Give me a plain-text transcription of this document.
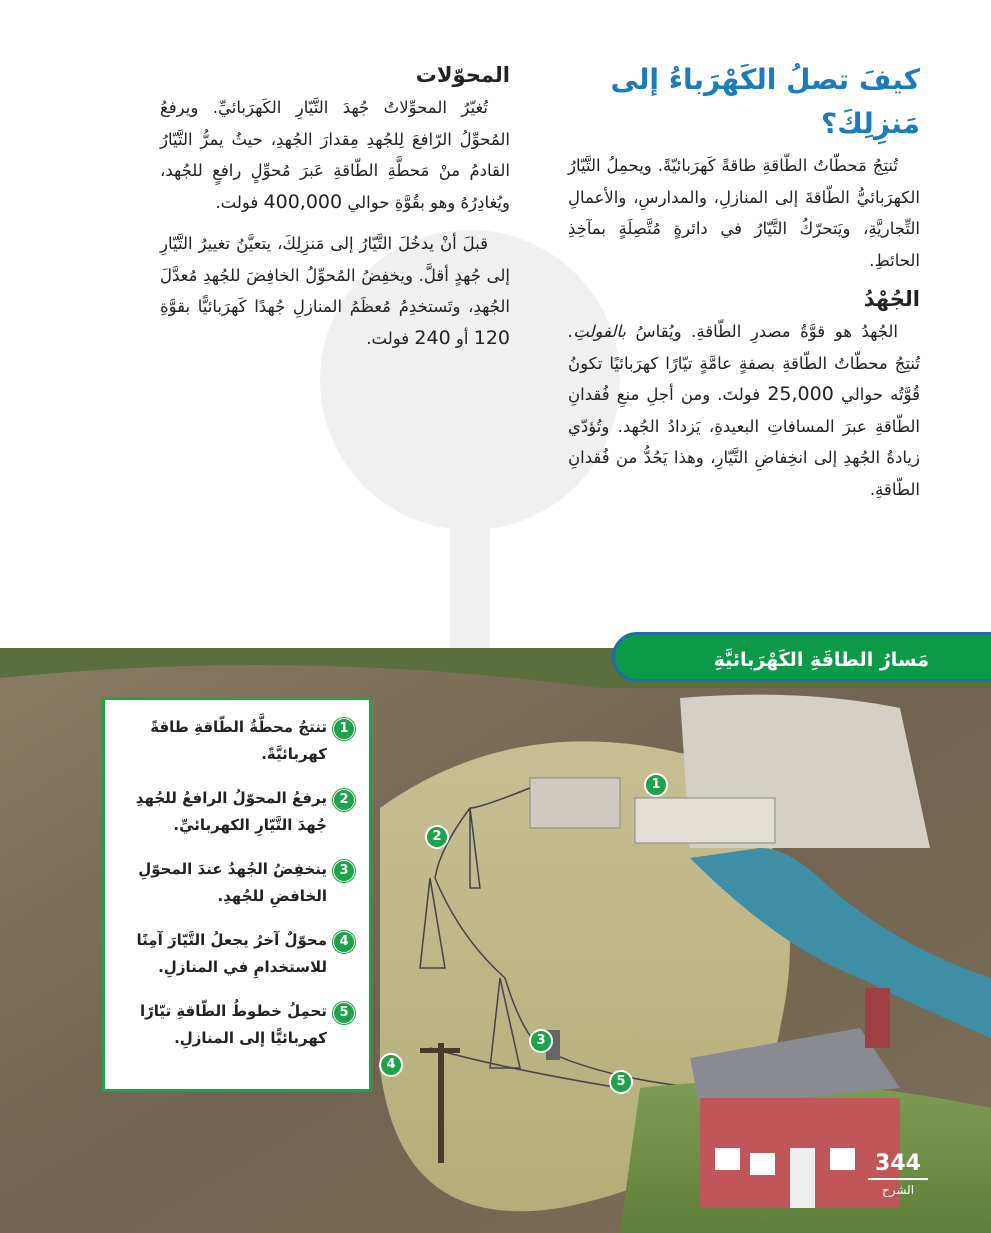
كيفَ تصلُ الكَهْرَباءُ إلى مَنزِلِكَ؟

تُنتِجُ مَحطّاتُ الطّاقةِ طاقةً كَهرَبائيّةً. ويحمِلُ التَّيّارُ الكهرَبائيُّ الطّاقةَ إلى المنازلِ، والمدارسِ، والأعمالِ التِّجاريَّةِ، ويَتحرّكُ التَّيّارُ في دائرةٍ مُتَّصِلَةٍ بمآخِذِ الحائطِ.

الجُهْدُ

الجُهدُ هو قوَّةُ مصدرِ الطّاقةِ. ويُقاسُ بالفولتِ. تُنتِجُ محطّاتُ الطّاقةِ بصفةٍ عامَّةٍ تيّارًا كهرَبائيًا تكونُ قُوَّتُه حوالي 25,000 فولتَ. ومن أجلِ منعِ فُقدانِ الطّاقةِ عبرَ المسافاتِ البعيدةِ، يَزدادُ الجُهد. وتُؤدّي زيادةُ الجُهدِ إلى انخِفاضِ التَّيّارِ، وهذا يَحُدُّ من فُقدانِ الطّاقةِ.

المحوّلات

تُغيّرُ المحوِّلاتُ جُهدَ التَّيّارِ الكَهرَبائيِّ. ويرفعُ المُحوِّلُ الرّافعَ لِلجُهدِ مِقدارَ الجُهدِ، حيثُ يمرُّ التَّيّارُ القادمُ منْ مَحطَّةِ الطّاقةِ عَبرَ مُحوِّلٍ رافعٍ للجُهد، ويُغادِرُهُ وهو بقُوَّةِ حوالي 400,000 فولت.

قبلَ أنْ يدخُلَ التَّيّارُ إلى مَنزِلِكَ، يتعيَّنُ تغييرُ التَّيّارِ إلى جُهدٍ أقلَّ. ويخفِضُ المُحوِّلُ الخافِضَ للجُهدِ مُعدَّلَ الجُهدِ، وتَستخدِمُ مُعظَمُ المنازلِ جُهدًا كَهرَبائيًّا بقوَّةِ 120 أو 240 فولت.

مَسارُ الطاقَةِ الكَهْرَبائيَّةِ
1
تنتجُ محطَّةُ الطّاقةِ طاقةً كهربائيَّةً.
2
يرفعُ المحوّلُ الرافعُ للجُهدِ جُهدَ التَّيّارِ الكهربائيِّ.
3
ينخفِضُ الجُهدُ عندَ المحوّلِ الخافضِ للجُهدِ.
4
محوّلٌ آخرُ يجعلُ التَّيّارَ آمِنًا للاستخدامِ في المنازلِ.
5
تحمِلُ خطوطُ الطّاقةِ تيّارًا كهربائيًّا إلى المنازلِ.
1
2
3
4
5
344
الشرح
